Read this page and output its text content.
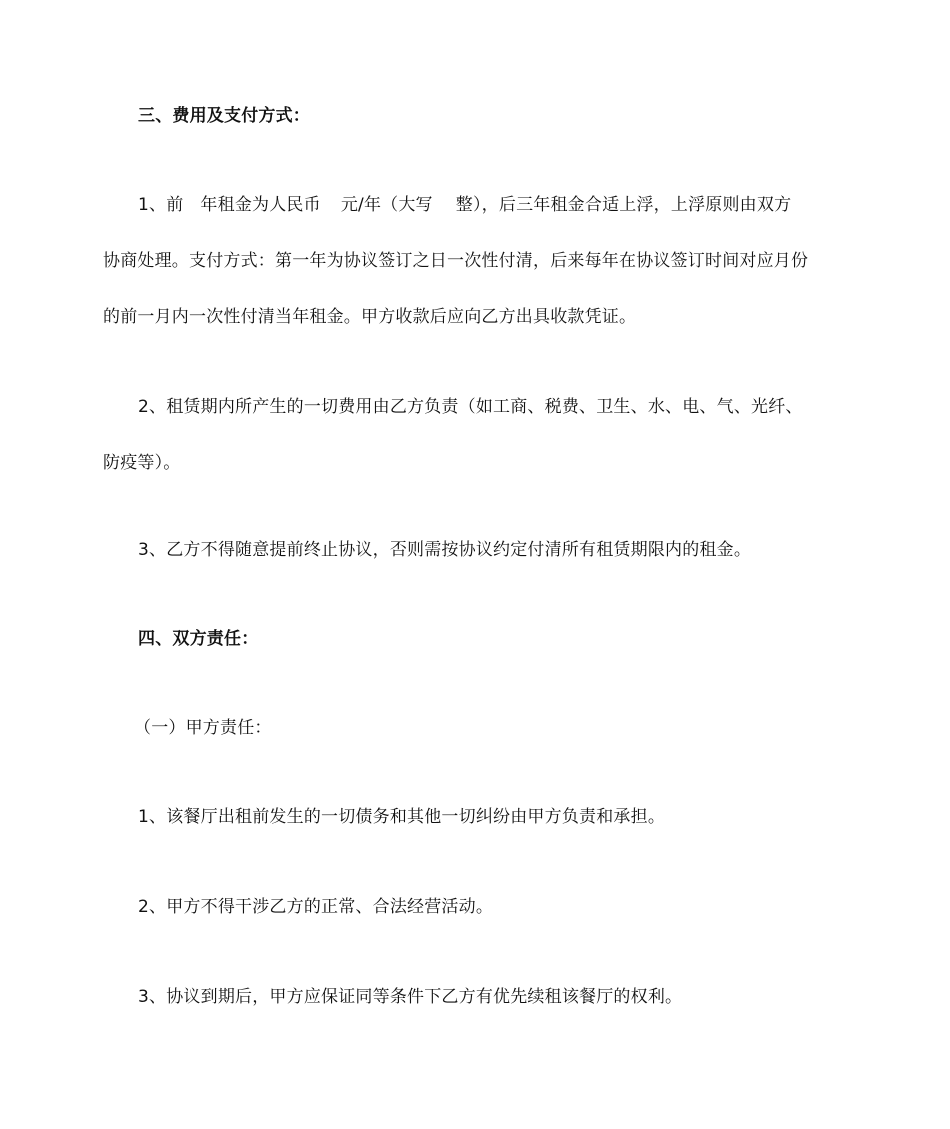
三、费用及支付方式：
1、前 年租金为人民币 元/年（大写 整），后三年租金合适上浮，上浮原则由双方
协商处理。支付方式：第一年为协议签订之日一次性付清，后来每年在协议签订时间对应月份
的前一月内一次性付清当年租金。甲方收款后应向乙方出具收款凭证。
2、租赁期内所产生的一切费用由乙方负责（如工商、税费、卫生、水、电、气、光纤、
防疫等）。
3、乙方不得随意提前终止协议，否则需按协议约定付清所有租赁期限内的租金。
四、双方责任：
（一）甲方责任：
1、该餐厅出租前发生的一切债务和其他一切纠纷由甲方负责和承担。
2、甲方不得干涉乙方的正常、合法经营活动。
3、协议到期后，甲方应保证同等条件下乙方有优先续租该餐厅的权利。
